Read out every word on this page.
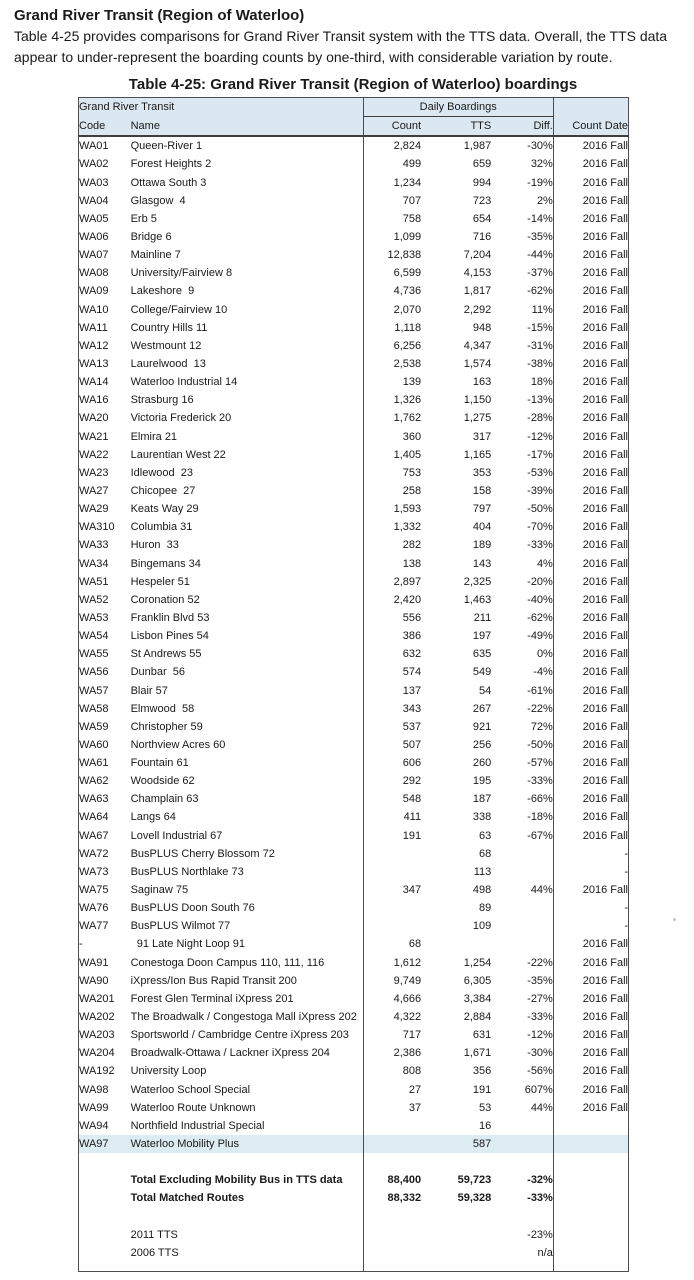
Grand River Transit (Region of Waterloo)
Table 4-25 provides comparisons for Grand River Transit system with the TTS data. Overall, the TTS data appear to under-represent the boarding counts by one-third, with considerable variation by route.
Table 4-25: Grand River Transit (Region of Waterloo) boardings
Grand River Transit		Daily Boardings			
Code	Name	Count	TTS	Diff.	Count Date
WA01	Queen-River 1	2,824	1,987	-30%	2016 Fall
WA02	Forest Heights 2	499	659	32%	2016 Fall
WA03	Ottawa South 3	1,234	994	-19%	2016 Fall
WA04	Glasgow  4	707	723	2%	2016 Fall
WA05	Erb 5	758	654	-14%	2016 Fall
WA06	Bridge 6	1,099	716	-35%	2016 Fall
WA07	Mainline 7	12,838	7,204	-44%	2016 Fall
WA08	University/Fairview 8	6,599	4,153	-37%	2016 Fall
WA09	Lakeshore  9	4,736	1,817	-62%	2016 Fall
WA10	College/Fairview 10	2,070	2,292	11%	2016 Fall
WA11	Country Hills 11	1,118	948	-15%	2016 Fall
WA12	Westmount 12	6,256	4,347	-31%	2016 Fall
WA13	Laurelwood  13	2,538	1,574	-38%	2016 Fall
WA14	Waterloo Industrial 14	139	163	18%	2016 Fall
WA16	Strasburg 16	1,326	1,150	-13%	2016 Fall
WA20	Victoria Frederick 20	1,762	1,275	-28%	2016 Fall
WA21	Elmira 21	360	317	-12%	2016 Fall
WA22	Laurentian West 22	1,405	1,165	-17%	2016 Fall
WA23	Idlewood  23	753	353	-53%	2016 Fall
WA27	Chicopee  27	258	158	-39%	2016 Fall
WA29	Keats Way 29	1,593	797	-50%	2016 Fall
WA310	Columbia 31	1,332	404	-70%	2016 Fall
WA33	Huron  33	282	189	-33%	2016 Fall
WA34	Bingemans 34	138	143	4%	2016 Fall
WA51	Hespeler 51	2,897	2,325	-20%	2016 Fall
WA52	Coronation 52	2,420	1,463	-40%	2016 Fall
WA53	Franklin Blvd 53	556	211	-62%	2016 Fall
WA54	Lisbon Pines 54	386	197	-49%	2016 Fall
WA55	St Andrews 55	632	635	0%	2016 Fall
WA56	Dunbar  56	574	549	-4%	2016 Fall
WA57	Blair 57	137	54	-61%	2016 Fall
WA58	Elmwood  58	343	267	-22%	2016 Fall
WA59	Christopher 59	537	921	72%	2016 Fall
WA60	Northview Acres 60	507	256	-50%	2016 Fall
WA61	Fountain 61	606	260	-57%	2016 Fall
WA62	Woodside 62	292	195	-33%	2016 Fall
WA63	Champlain 63	548	187	-66%	2016 Fall
WA64	Langs 64	411	338	-18%	2016 Fall
WA67	Lovell Industrial 67	191	63	-67%	2016 Fall
WA72	BusPLUS Cherry Blossom 72		68		-
WA73	BusPLUS Northlake 73		113		-
WA75	Saginaw 75	347	498	44%	2016 Fall
WA76	BusPLUS Doon South 76		89		-
WA77	BusPLUS Wilmot 77		109		-
-	91 Late Night Loop 91	68			2016 Fall
WA91	Conestoga Doon Campus 110, 111, 116	1,612	1,254	-22%	2016 Fall
WA90	iXpress/Ion Bus Rapid Transit 200	9,749	6,305	-35%	2016 Fall
WA201	Forest Glen Terminal iXpress 201	4,666	3,384	-27%	2016 Fall
WA202	The Broadwalk / Congestoga Mall iXpress 202	4,322	2,884	-33%	2016 Fall
WA203	Sportsworld / Cambridge Centre iXpress 203	717	631	-12%	2016 Fall
WA204	Broadwalk-Ottawa / Lackner iXpress 204	2,386	1,671	-30%	2016 Fall
WA192	University Loop	808	356	-56%	2016 Fall
WA98	Waterloo School Special	27	191	607%	2016 Fall
WA99	Waterloo Route Unknown	37	53	44%	2016 Fall
WA94	Northfield Industrial Special		16		
WA97	Waterloo Mobility Plus		587		

	Total Excluding Mobility Bus in TTS data	88,400	59,723	-32%	
	Total Matched Routes	88,332	59,328	-33%	

	2011 TTS			-23%	
	2006 TTS			n/a	
